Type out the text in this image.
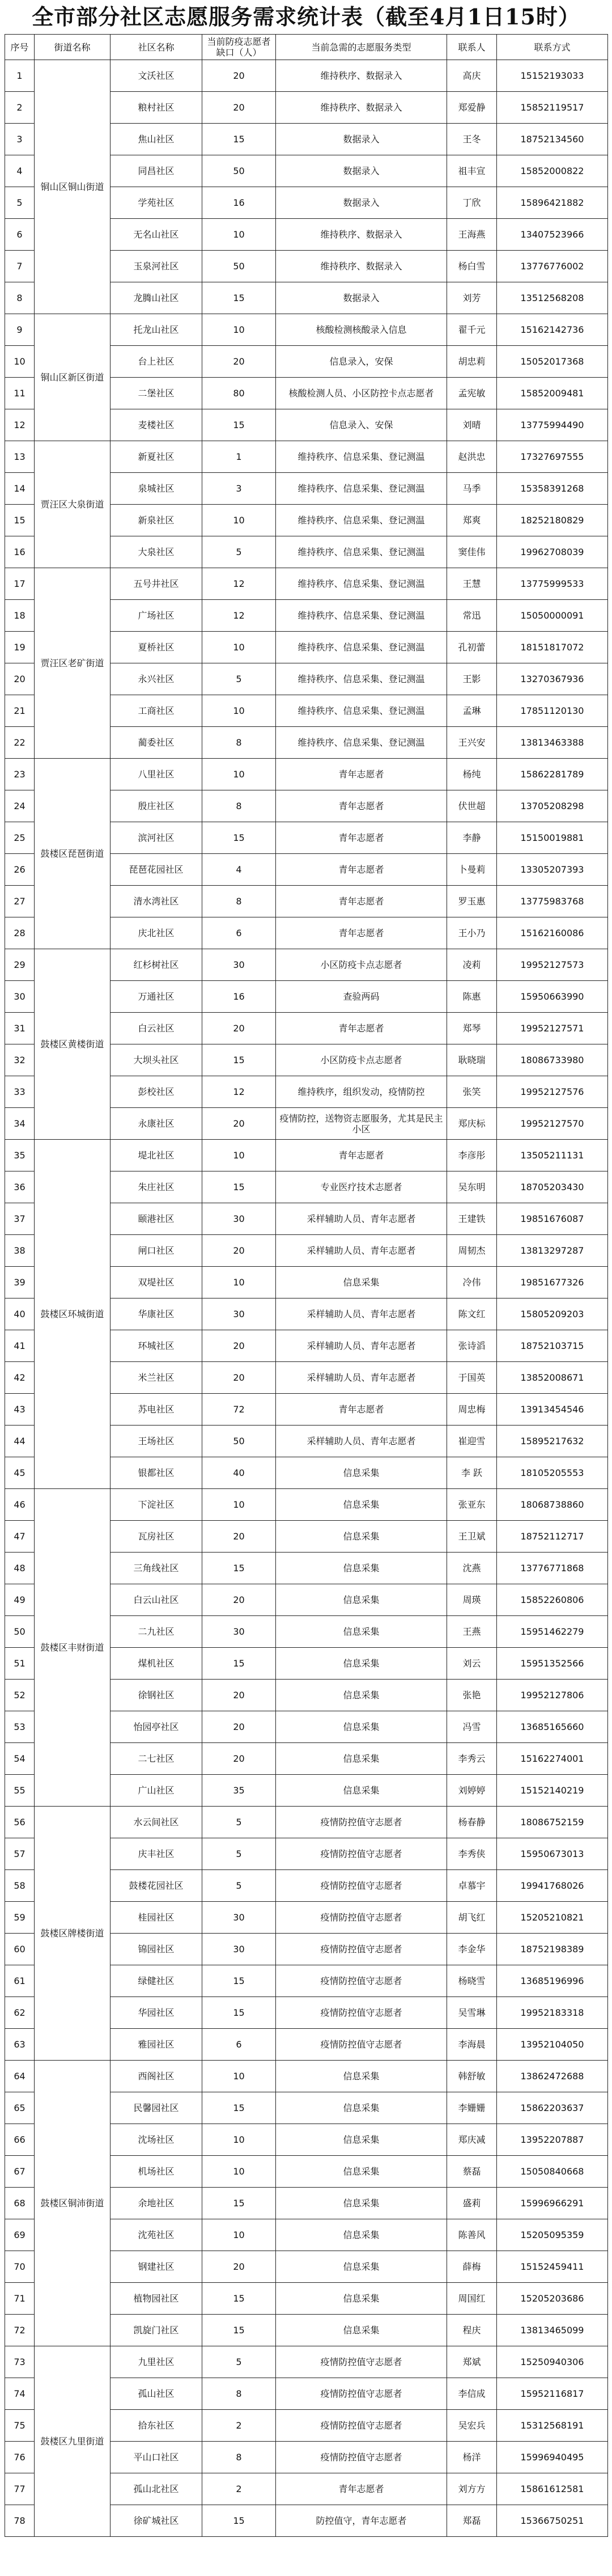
全市部分社区志愿服务需求统计表（截至4月1日15时）
序号	街道名称	社区名称	当前防疫志愿者缺口（人）	当前急需的志愿服务类型	联系人	联系方式
1	铜山区铜山街道	文沃社区	20	维持秩序、数据录入	高庆	15152193033
2		粮村社区	20	维持秩序、数据录入	郑爱静	15852119517
3		焦山社区	15	数据录入	王冬	18752134560
4		同昌社区	50	数据录入	祖丰宣	15852000822
5		学苑社区	16	数据录入	丁欣	15896421882
6		无名山社区	10	维持秩序、数据录入	王海燕	13407523966
7		玉泉河社区	50	维持秩序、数据录入	杨白雪	13776776002
8		龙腾山社区	15	数据录入	刘芳	13512568208
9	铜山区新区街道	托龙山社区	10	核酸检测核酸录入信息	翟千元	15162142736
10		台上社区	20	信息录入，安保	胡忠莉	15052017368
11		二堡社区	80	核酸检测人员、小区防控卡点志愿者	孟宪敏	15852009481
12		麦楼社区	15	信息录入、安保	刘晴	13775994490
13	贾汪区大泉街道	新夏社区	1	维持秩序、信息采集、登记测温	赵洪忠	17327697555
14		泉城社区	3	维持秩序、信息采集、登记测温	马季	15358391268
15		新泉社区	10	维持秩序、信息采集、登记测温	郑爽	18252180829
16		大泉社区	5	维持秩序、信息采集、登记测温	窦佳伟	19962708039
17	贾汪区老矿街道	五号井社区	12	维持秩序、信息采集、登记测温	王慧	13775999533
18		广场社区	12	维持秩序、信息采集、登记测温	常迅	15050000091
19		夏桥社区	10	维持秩序、信息采集、登记测温	孔初蕾	18151817072
20		永兴社区	5	维持秩序、信息采集、登记测温	王影	13270367936
21		工商社区	10	维持秩序、信息采集、登记测温	孟琳	17851120130
22		蔺委社区	8	维持秩序、信息采集、登记测温	王兴安	13813463388
23	鼓楼区琵琶街道	八里社区	10	青年志愿者	杨纯	15862281789
24		殷庄社区	8	青年志愿者	伏世超	13705208298
25		滨河社区	15	青年志愿者	李静	15150019881
26		琵琶花园社区	4	青年志愿者	卜曼莉	13305207393
27		清水湾社区	8	青年志愿者	罗玉惠	13775983768
28		庆北社区	6	青年志愿者	王小乃	15162160086
29	鼓楼区黄楼街道	红杉树社区	30	小区防疫卡点志愿者	凌莉	19952127573
30		万通社区	16	查验两码	陈惠	15950663990
31		白云社区	20	青年志愿者	郑琴	19952127571
32		大坝头社区	15	小区防疫卡点志愿者	耿晓瑞	18086733980
33		彭校社区	12	维持秩序，组织发动，疫情防控	张笑	19952127576
34		永康社区	20	疫情防控，送物资志愿服务，尤其是民主小区	郑庆标	19952127570
35	鼓楼区环城街道	堤北社区	10	青年志愿者	李彦彤	13505211131
36		朱庄社区	15	专业医疗技术志愿者	吴东明	18705203430
37		颐港社区	30	采样辅助人员、青年志愿者	王建铁	19851676087
38		闸口社区	20	采样辅助人员、青年志愿者	周韧杰	13813297287
39		双堤社区	10	信息采集	冷伟	19851677326
40		华康社区	30	采样辅助人员、青年志愿者	陈文红	15805209203
41		环城社区	20	采样辅助人员、青年志愿者	张诗滔	18752103715
42		米兰社区	20	采样辅助人员、青年志愿者	于国英	13852008671
43		苏电社区	72	青年志愿者	周忠梅	13913454546
44		王场社区	50	采样辅助人员、青年志愿者	崔迎雪	15895217632
45		银都社区	40	信息采集	李 跃	18105205553
46	鼓楼区丰财街道	下淀社区	10	信息采集	张亚东	18068738860
47		瓦房社区	20	信息采集	王卫斌	18752112717
48		三角线社区	15	信息采集	沈燕	13776771868
49		白云山社区	20	信息采集	周瑛	15852260806
50		二九社区	30	信息采集	王燕	15951462279
51		煤机社区	15	信息采集	刘云	15951352566
52		徐钢社区	20	信息采集	张艳	19952127806
53		怡园亭社区	20	信息采集	冯雪	13685165660
54		二七社区	20	信息采集	李秀云	15162274001
55		广山社区	35	信息采集	刘婷婷	15152140219
56	鼓楼区牌楼街道	水云间社区	5	疫情防控值守志愿者	杨春静	18086752159
57		庆丰社区	5	疫情防控值守志愿者	李秀侠	15950673013
58		鼓楼花园社区	5	疫情防控值守志愿者	卓慕宇	19941768026
59		桂园社区	30	疫情防控值守志愿者	胡飞红	15205210821
60		锦园社区	30	疫情防控值守志愿者	李金华	18752198389
61		绿健社区	15	疫情防控值守志愿者	杨晓雪	13685196996
62		华园社区	15	疫情防控值守志愿者	吴雪琳	19952183318
63		雅园社区	6	疫情防控值守志愿者	李海晨	13952104050
64	鼓楼区铜沛街道	西阁社区	10	信息采集	韩舒敏	13862472688
65		民馨园社区	15	信息采集	李姗姗	15862203637
66		沈场社区	10	信息采集	郑庆减	13952207887
67		机场社区	10	信息采集	蔡磊	15050840668
68		余地社区	15	信息采集	盛莉	15996966291
69		沈苑社区	10	信息采集	陈善风	15205095359
70		钢建社区	20	信息采集	薛梅	15152459411
71		植物园社区	15	信息采集	周国红	15205203686
72		凯旋门社区	15	信息采集	程庆	13813465099
73	鼓楼区九里街道	九里社区	5	疫情防控值守志愿者	郑斌	15250940306
74		孤山社区	8	疫情防控值守志愿者	李信成	15952116817
75		拾东社区	2	疫情防控值守志愿者	吴宏兵	15312568191
76		平山口社区	8	疫情防控值守志愿者	杨洋	15996940495
77		孤山北社区	2	青年志愿者	刘方方	15861612581
78		徐矿城社区	15	防控值守，青年志愿者	郑磊	15366750251
